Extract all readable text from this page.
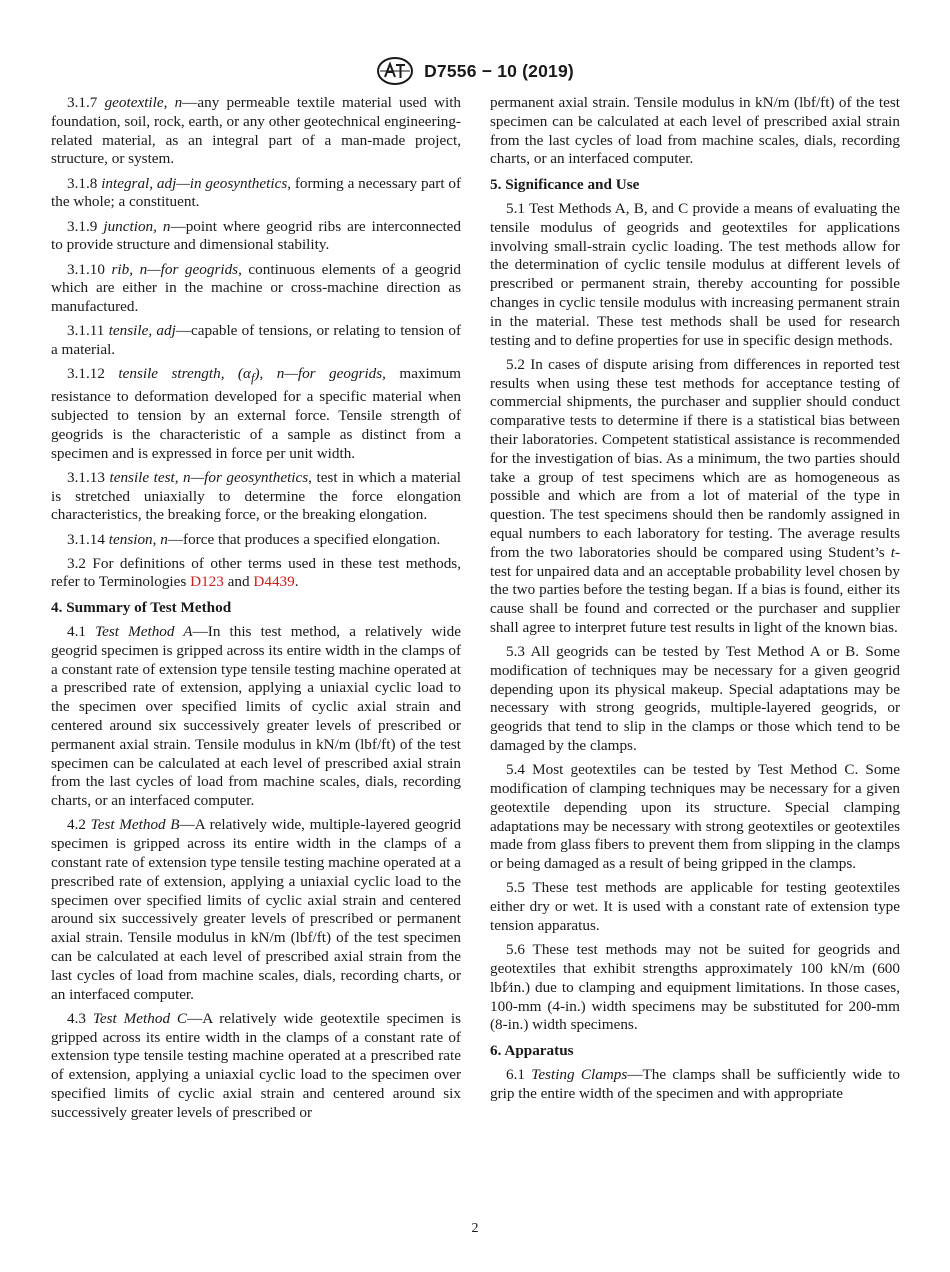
D7556 − 10 (2019)

3.1.7 geotextile, n—any permeable textile material used with foundation, soil, rock, earth, or any other geotechnical engineering-related material, as an integral part of a man-made project, structure, or system.

3.1.8 integral, adj—in geosynthetics, forming a necessary part of the whole; a constituent.

3.1.9 junction, n—point where geogrid ribs are interconnected to provide structure and dimensional stability.

3.1.10 rib, n—for geogrids, continuous elements of a geogrid which are either in the machine or cross-machine direction as manufactured.

3.1.11 tensile, adj—capable of tensions, or relating to tension of a material.

3.1.12 tensile strength, $(\alpha_f)$, n—for geogrids, maximum resistance to deformation developed for a specific material when subjected to tension by an external force. Tensile strength of geogrids is the characteristic of a sample as distinct from a specimen and is expressed in force per unit width.

3.1.13 tensile test, n—for geosynthetics, test in which a material is stretched uniaxially to determine the force elongation characteristics, the breaking force, or the breaking elongation.

3.1.14 tension, n—force that produces a specified elongation.

3.2 For definitions of other terms used in these test methods, refer to Terminologies D123 and D4439.

4. Summary of Test Method

4.1 Test Method A—In this test method, a relatively wide geogrid specimen is gripped across its entire width in the clamps of a constant rate of extension type tensile testing machine operated at a prescribed rate of extension, applying a uniaxial cyclic load to the specimen over specified limits of cyclic axial strain and centered around six successively greater levels of prescribed or permanent axial strain. Tensile modulus in kN/m (lbf/ft) of the test specimen can be calculated at each level of prescribed axial strain from the last cycles of load from machine scales, dials, recording charts, or an interfaced computer.

4.2 Test Method B—A relatively wide, multiple-layered geogrid specimen is gripped across its entire width in the clamps of a constant rate of extension type tensile testing machine operated at a prescribed rate of extension, applying a uniaxial cyclic load to the specimen over specified limits of cyclic axial strain and centered around six successively greater levels of prescribed or permanent axial strain. Tensile modulus in kN/m (lbf/ft) of the test specimen can be calculated at each level of prescribed axial strain from the last cycles of load from machine scales, dials, recording charts, or an interfaced computer.

4.3 Test Method C—A relatively wide geotextile specimen is gripped across its entire width in the clamps of a constant rate of extension type tensile testing machine operated at a prescribed rate of extension, applying a uniaxial cyclic load to the specimen over specified limits of cyclic axial strain and centered around six successively greater levels of prescribed or

permanent axial strain. Tensile modulus in kN/m (lbf/ft) of the test specimen can be calculated at each level of prescribed axial strain from the last cycles of load from machine scales, dials, recording charts, or an interfaced computer.

5. Significance and Use

5.1 Test Methods A, B, and C provide a means of evaluating the tensile modulus of geogrids and geotextiles for applications involving small-strain cyclic loading. The test methods allow for the determination of cyclic tensile modulus at different levels of prescribed or permanent strain, thereby accounting for possible changes in cyclic tensile modulus with increasing permanent strain in the material. These test methods shall be used for research testing and to define properties for use in specific design methods.

5.2 In cases of dispute arising from differences in reported test results when using these test methods for acceptance testing of commercial shipments, the purchaser and supplier should conduct comparative tests to determine if there is a statistical bias between their laboratories. Competent statistical assistance is recommended for the investigation of bias. As a minimum, the two parties should take a group of test specimens which are as homogeneous as possible and which are from a lot of material of the type in question. The test specimens should then be randomly assigned in equal numbers to each laboratory for testing. The average results from the two laboratories should be compared using Student’s t-test for unpaired data and an acceptable probability level chosen by the two parties before the testing began. If a bias is found, either its cause shall be found and corrected or the purchaser and supplier shall agree to interpret future test results in light of the known bias.

5.3 All geogrids can be tested by Test Method A or B. Some modification of techniques may be necessary for a given geogrid depending upon its physical makeup. Special adaptations may be necessary with strong geogrids, multiple-layered geogrids, or geogrids that tend to slip in the clamps or those which tend to be damaged by the clamps.

5.4 Most geotextiles can be tested by Test Method C. Some modification of clamping techniques may be necessary for a given geotextile depending upon its structure. Special clamping adaptations may be necessary with strong geotextiles or geotextiles made from glass fibers to prevent them from slipping in the clamps or being damaged as a result of being gripped in the clamps.

5.5 These test methods are applicable for testing geotextiles either dry or wet. It is used with a constant rate of extension type tension apparatus.

5.6 These test methods may not be suited for geogrids and geotextiles that exhibit strengths approximately 100 kN/m (600 lbf⁄in.) due to clamping and equipment limitations. In those cases, 100-mm (4-in.) width specimens may be substituted for 200-mm (8-in.) width specimens.

6. Apparatus

6.1 Testing Clamps—The clamps shall be sufficiently wide to grip the entire width of the specimen and with appropriate

2
